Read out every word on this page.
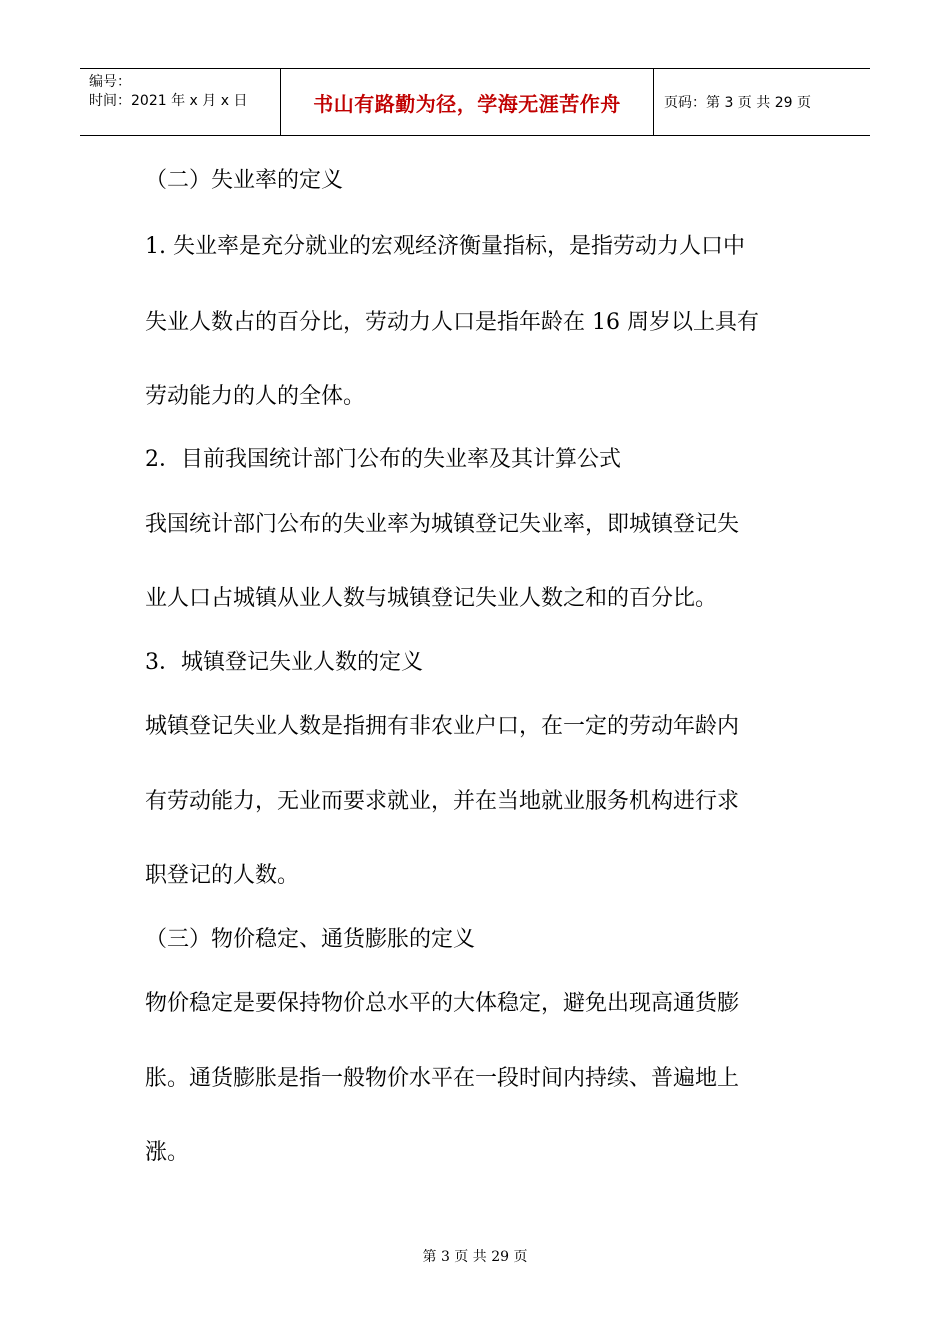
编号：
时间：2021 年 x 月 x 日	书山有路勤为径，学海无涯苦作舟	页码：第 3 页 共 29 页
（二）失业率的定义
1. 失业率是充分就业的宏观经济衡量指标，是指劳动力人口中
失业人数占的百分比，劳动力人口是指年龄在 16 周岁以上具有
劳动能力的人的全体。
2．目前我国统计部门公布的失业率及其计算公式
我国统计部门公布的失业率为城镇登记失业率，即城镇登记失
业人口占城镇从业人数与城镇登记失业人数之和的百分比。
3．城镇登记失业人数的定义
城镇登记失业人数是指拥有非农业户口，在一定的劳动年龄内
有劳动能力，无业而要求就业，并在当地就业服务机构进行求
职登记的人数。
（三）物价稳定、通货膨胀的定义
物价稳定是要保持物价总水平的大体稳定，避免出现高通货膨
胀。通货膨胀是指一般物价水平在一段时间内持续、普遍地上
涨。
第 3 页 共 29 页
